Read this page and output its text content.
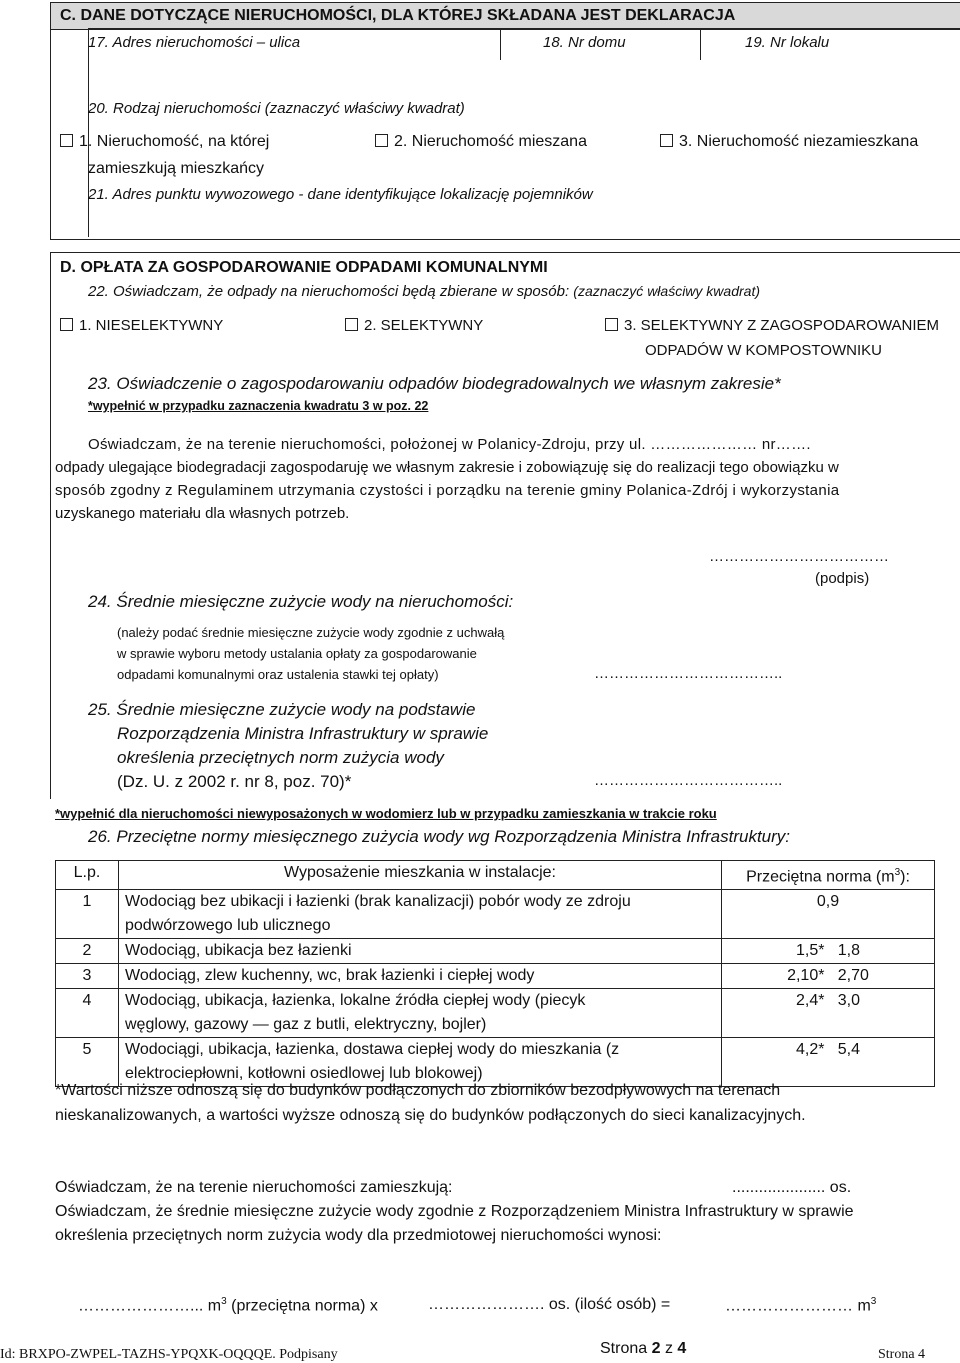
C. DANE DOTYCZĄCE NIERUCHOMOŚCI, DLA KTÓREJ SKŁADANA JEST DEKLARACJA
17. Adres nieruchomości – ulica	18. Nr domu	19. Nr lokalu
20. Rodzaj nieruchomości (zaznaczyć właściwy kwadrat)
1. Nieruchomość, na której
zamieszkują mieszkańcy
2. Nieruchomość mieszana	3. Nieruchomość niezamieszkana
21. Adres punktu wywozowego - dane identyfikujące lokalizację pojemników
D. OPŁATA ZA GOSPODAROWANIE ODPADAMI KOMUNALNYMI
22. Oświadczam, że odpady na nieruchomości będą zbierane w sposób: (zaznaczyć właściwy kwadrat)
1. NIESELEKTYWNY	2. SELEKTYWNY	3. SELEKTYWNY Z ZAGOSPODAROWANIEM
ODPADÓW W KOMPOSTOWNIKU
23. Oświadczenie o zagospodarowaniu odpadów biodegradowalnych we własnym zakresie*
*wypełnić w przypadku zaznaczenia kwadratu 3 w poz. 22
Oświadczam, że na terenie nieruchomości, położonej w Polanicy-Zdroju, przy ul. ………………… nr…….
odpady ulegające biodegradacji zagospodaruję we własnym zakresie i zobowiązuję się do realizacji tego obowiązku w
sposób zgodny z Regulaminem utrzymania czystości i porządku na terenie gminy Polanica-Zdrój i wykorzystania
uzyskanego materiału dla własnych potrzeb.
………………………………
(podpis)
24. Średnie miesięczne zużycie wody na nieruchomości:
(należy podać średnie miesięczne zużycie wody zgodnie z uchwałą
w sprawie wyboru metody ustalania opłaty za gospodarowanie
odpadami komunalnymi oraz ustalenia stawki tej opłaty)	………………………………..
25. Średnie miesięczne zużycie wody na podstawie
Rozporządzenia Ministra Infrastruktury w sprawie
określenia przeciętnych norm zużycia wody
(Dz. U. z 2002 r. nr 8, poz. 70)*	………………………………..
*wypełnić dla nieruchomości niewyposażonych w wodomierz lub w przypadku zamieszkania w trakcie roku
26. Przeciętne normy miesięcznego zużycia wody wg Rozporządzenia Ministra Infrastruktury:
L.p.	Wyposażenie mieszkania w instalacje:	Przeciętna norma $(m^3)$:
1	Wodociąg bez ubikacji i łazienki (brak kanalizacji) pobór wody ze zdroju
podwórzowego lub ulicznego	0,9
2	Wodociąg, ubikacja bez łazienki	1,5*   1,8
3	Wodociąg, zlew kuchenny, wc, brak łazienki i ciepłej wody	2,10*   2,70
4	Wodociąg, ubikacja, łazienka, lokalne źródła ciepłej wody (piecyk
węglowy, gazowy — gaz z butli, elektryczny, bojler)	2,4*   3,0
5	Wodociągi, ubikacja, łazienka, dostawa ciepłej wody do mieszkania (z
elektrociepłowni, kotłowni osiedlowej lub blokowej)	4,2*   5,4
*Wartości niższe odnoszą się do budynków podłączonych do zbiorników bezodpływowych na terenach
nieskanalizowanych, a wartości wyższe odnoszą się do budynków podłączonych do sieci kanalizacyjnych.
Oświadczam, że na terenie nieruchomości zamieszkują:	..................... os.
Oświadczam, że średnie miesięczne zużycie wody zgodnie z Rozporządzeniem Ministra Infrastruktury w sprawie
określenia przeciętnych norm zużycia wody dla przedmiotowej nieruchomości wynosi:
…………………... $m^3$ (przeciętna norma) x	…………………. os. (ilość osób) =	…………………… $m^3$
Id: BRXPO-ZWPEL-TAZHS-YPQXK-OQQQE. Podpisany	Strona 2 z 4	Strona 4
